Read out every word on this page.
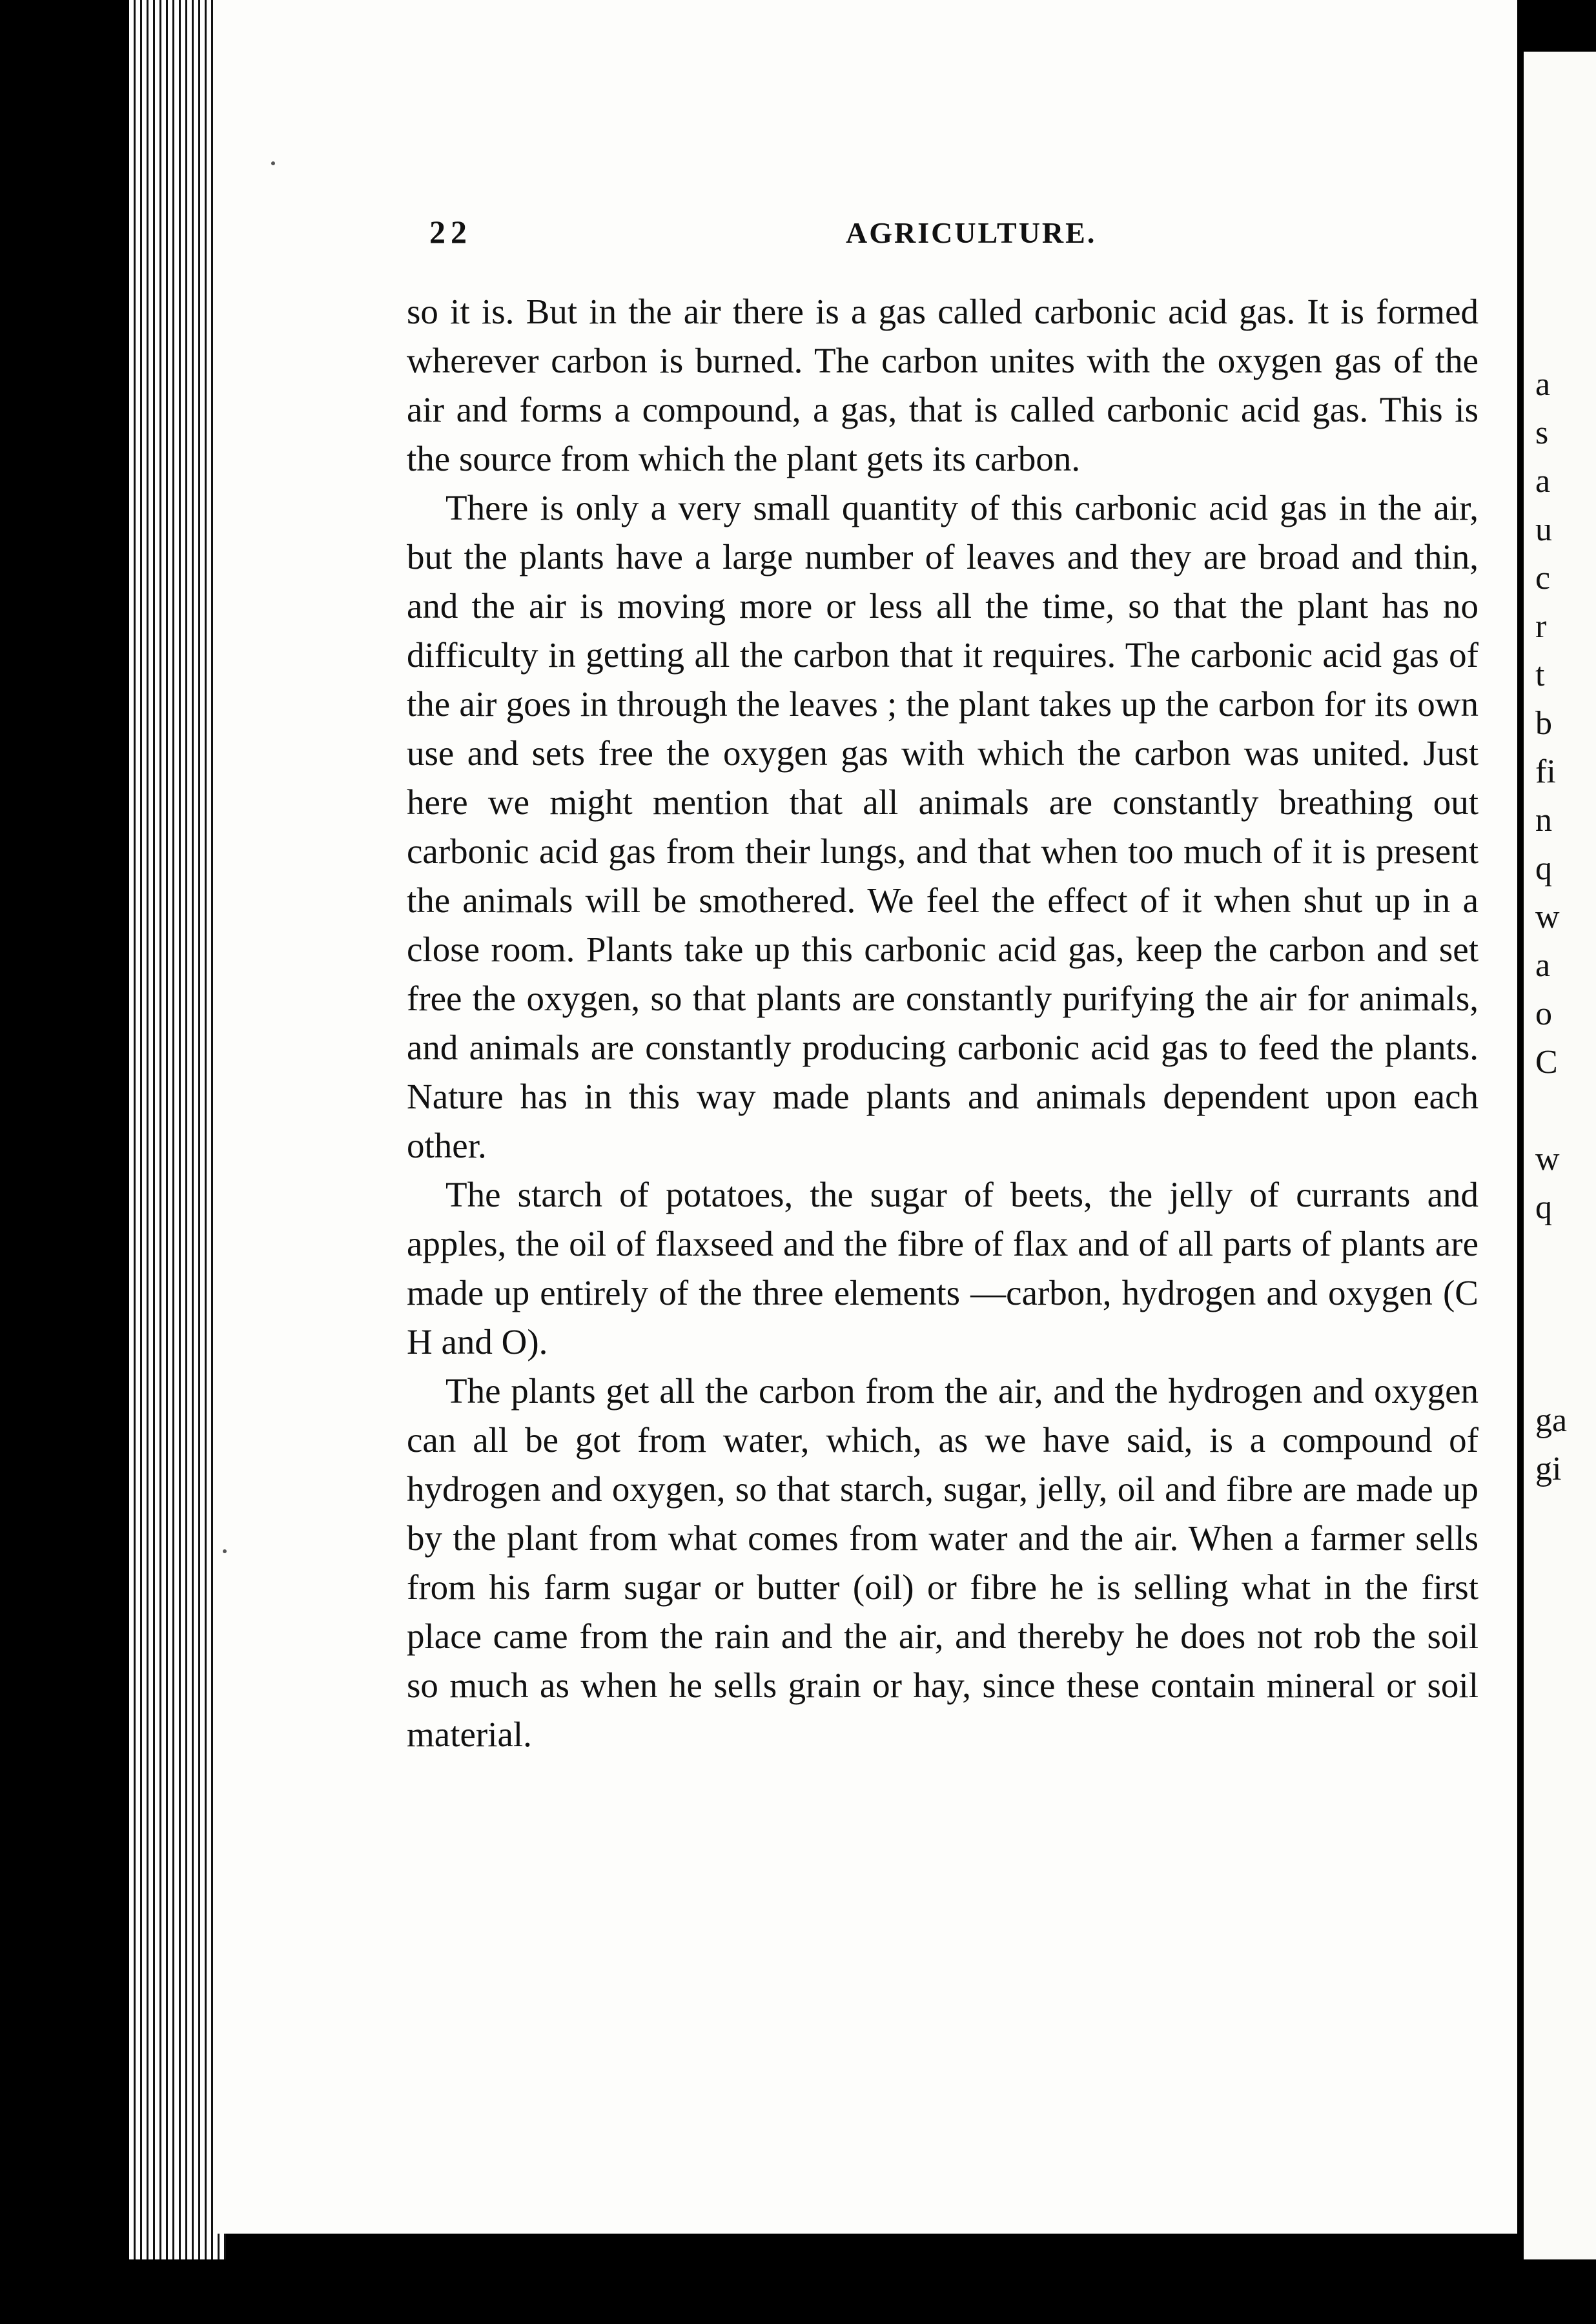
22	AGRICULTURE.

so it is. But in the air there is a gas called carbonic acid gas. It is formed wherever carbon is burned. The carbon unites with the oxygen gas of the air and forms a compound, a gas, that is called carbonic acid gas. This is the source from which the plant gets its carbon.

There is only a very small quantity of this carbonic acid gas in the air, but the plants have a large number of leaves and they are broad and thin, and the air is moving more or less all the time, so that the plant has no difficulty in getting all the carbon that it requires. The carbonic acid gas of the air goes in through the leaves ; the plant takes up the carbon for its own use and sets free the oxygen gas with which the carbon was united. Just here we might mention that all animals are constantly breathing out carbonic acid gas from their lungs, and that when too much of it is present the animals will be smothered. We feel the effect of it when shut up in a close room. Plants take up this carbonic acid gas, keep the carbon and set free the oxygen, so that plants are constantly purifying the air for animals, and animals are constantly producing carbonic acid gas to feed the plants. Nature has in this way made plants and animals dependent upon each other.

The starch of potatoes, the sugar of beets, the jelly of currants and apples, the oil of flaxseed and the fibre of flax and of all parts of plants are made up entirely of the three elements —carbon, hydrogen and oxygen (C H and O).

The plants get all the carbon from the air, and the hydrogen and oxygen can all be got from water, which, as we have said, is a compound of hydrogen and oxygen, so that starch, sugar, jelly, oil and fibre are made up by the plant from what comes from water and the air. When a farmer sells from his farm sugar or butter (oil) or fibre he is selling what in the first place came from the rain and the air, and thereby he does not rob the soil so much as when he sells grain or hay, since these contain mineral or soil material.

a
s
a
u
c
r
t
b
fi
n
q
w
a
o
C
w
q
ga
gi
